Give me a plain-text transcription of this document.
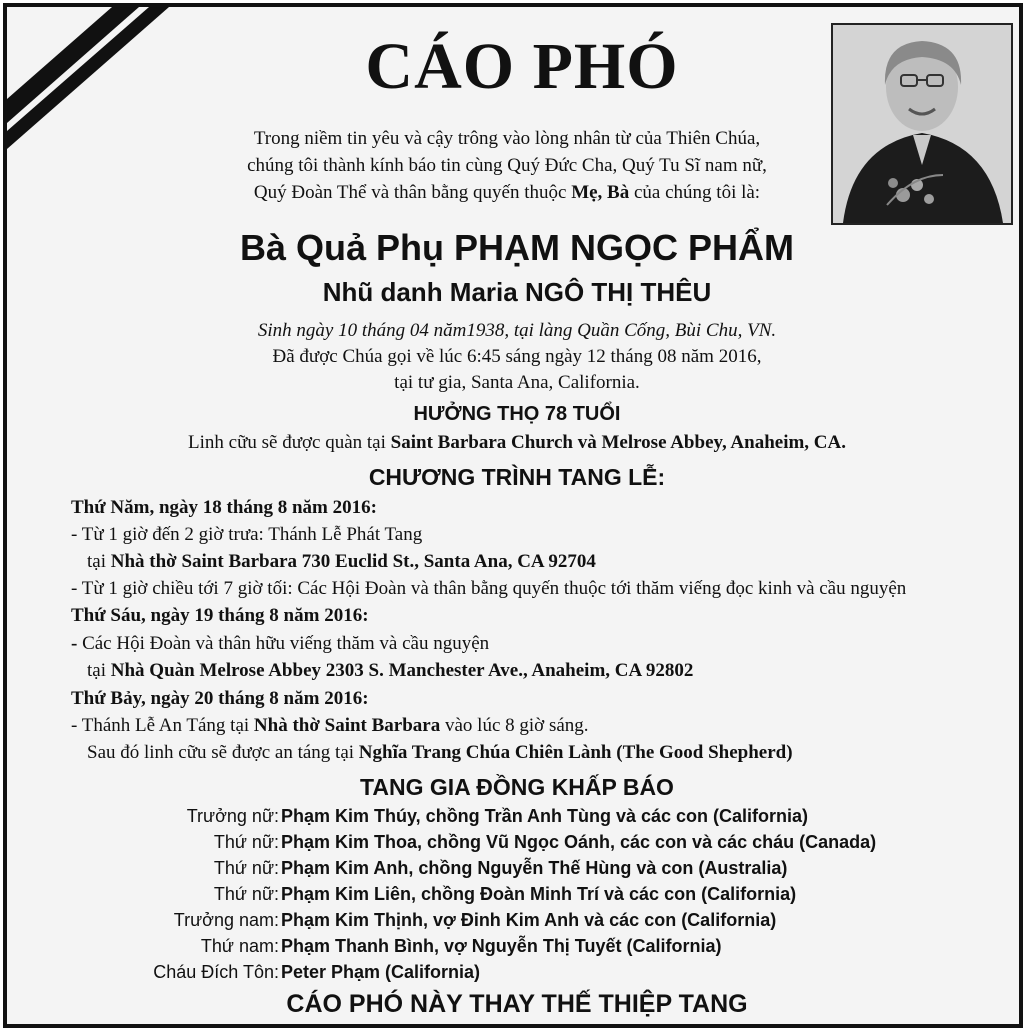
CÁO PHÓ
Trong niềm tin yêu và cậy trông vào lòng nhân từ của Thiên Chúa,
chúng tôi thành kính báo tin cùng Quý Đức Cha, Quý Tu Sĩ nam nữ,
Quý Đoàn Thể và thân bằng quyến thuộc Mẹ, Bà của chúng tôi là:
Bà Quả Phụ PHẠM NGỌC PHẨM
Nhũ danh Maria NGÔ THỊ THÊU
Sinh ngày 10 tháng 04 năm1938, tại làng Quần Cống, Bùi Chu, VN.
Đã được Chúa gọi về lúc 6:45 sáng ngày 12 tháng 08 năm 2016,
tại tư gia, Santa Ana, California.
HƯỞNG THỌ 78 TUỔI
Linh cữu sẽ được quàn tại Saint Barbara Church và Melrose Abbey, Anaheim, CA.
CHƯƠNG TRÌNH TANG LỄ:
Thứ Năm, ngày 18 tháng 8 năm 2016:
- Từ 1 giờ đến 2 giờ trưa: Thánh Lễ Phát Tang
tại Nhà thờ Saint Barbara 730 Euclid St., Santa Ana, CA 92704
- Từ 1 giờ chiều tới 7 giờ tối: Các Hội Đoàn và thân bằng quyến thuộc tới thăm viếng đọc kinh và cầu nguyện
Thứ Sáu, ngày 19 tháng 8 năm 2016:
- Các Hội Đoàn và thân hữu viếng thăm và cầu nguyện
tại Nhà Quàn Melrose Abbey 2303 S. Manchester Ave., Anaheim, CA 92802
Thứ Bảy, ngày 20 tháng 8 năm 2016:
- Thánh Lễ An Táng tại Nhà thờ Saint Barbara vào lúc 8 giờ sáng.
Sau đó linh cữu sẽ được an táng tại Nghĩa Trang Chúa Chiên Lành (The Good Shepherd)
TANG GIA ĐỒNG KHẤP BÁO
Trưởng nữ: Phạm Kim Thúy, chồng Trần Anh Tùng và các con (California)
Thứ nữ: Phạm Kim Thoa, chồng Vũ Ngọc Oánh, các con và các cháu (Canada)
Thứ nữ: Phạm Kim Anh, chồng Nguyễn Thế Hùng và con (Australia)
Thứ nữ: Phạm Kim Liên, chồng Đoàn Minh Trí và các con (California)
Trưởng nam: Phạm Kim Thịnh, vợ Đinh Kim Anh và các con (California)
Thứ nam: Phạm Thanh Bình, vợ Nguyễn Thị Tuyết (California)
Cháu Đích Tôn: Peter Phạm (California)
CÁO PHÓ NÀY THAY THẾ THIỆP TANG
